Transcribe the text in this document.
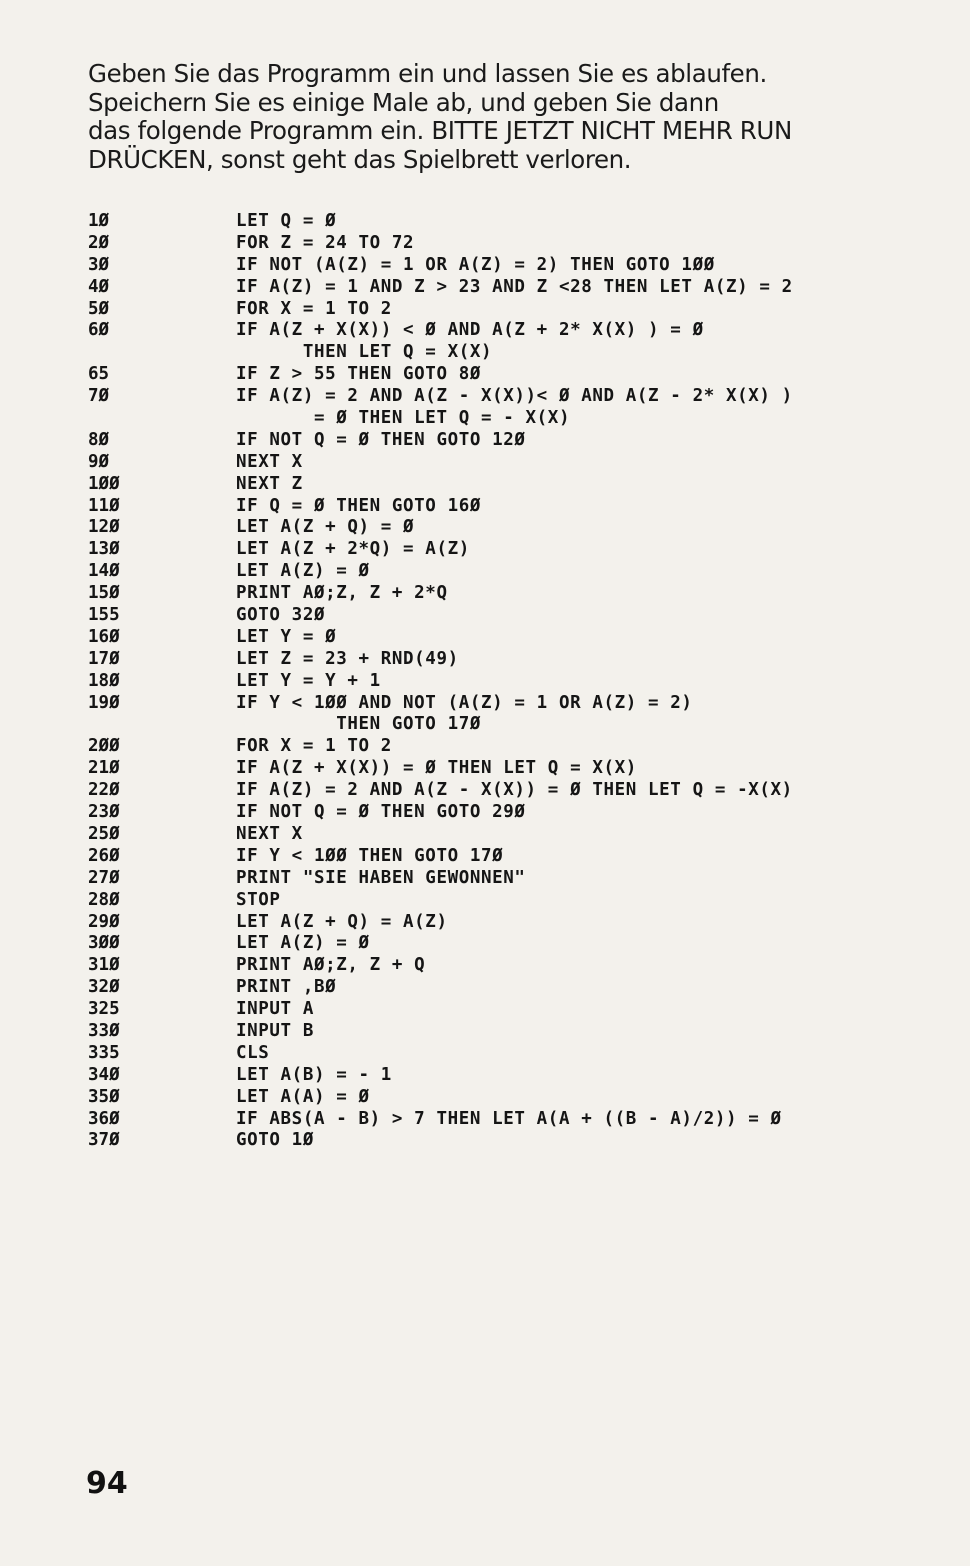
Geben Sie das Programm ein und lassen Sie es ablaufen.
Speichern Sie es einige Male ab, und geben Sie dann
das folgende Programm ein. BITTE JETZT NICHT MEHR RUN
DRÜCKEN, sonst geht das Spielbrett verloren.

1Ø	LET Q = Ø
2Ø	FOR Z = 24 TO 72
3Ø	IF NOT (A(Z) = 1 OR A(Z) = 2) THEN GOTO 1ØØ
4Ø	IF A(Z) = 1 AND Z > 23 AND Z <28 THEN LET A(Z) = 2
5Ø	FOR X = 1 TO 2
6Ø	IF A(Z + X(X)) < Ø AND A(Z + 2* X(X) ) = Ø
THEN LET Q = X(X)
65	IF Z > 55 THEN GOTO 8Ø
7Ø	IF A(Z) = 2 AND A(Z - X(X))< Ø AND A(Z - 2* X(X) )
= Ø THEN LET Q = - X(X)
8Ø	IF NOT Q = Ø THEN GOTO 12Ø
9Ø	NEXT X
1ØØ	NEXT Z
11Ø	IF Q = Ø THEN GOTO 16Ø
12Ø	LET A(Z + Q) = Ø
13Ø	LET A(Z + 2*Q) = A(Z)
14Ø	LET A(Z) = Ø
15Ø	PRINT AØ;Z, Z + 2*Q
155	GOTO 32Ø
16Ø	LET Y = Ø
17Ø	LET Z = 23 + RND(49)
18Ø	LET Y = Y + 1
19Ø	IF Y < 1ØØ AND NOT (A(Z) = 1 OR A(Z) = 2)
THEN GOTO 17Ø
2ØØ	FOR X = 1 TO 2
21Ø	IF A(Z + X(X)) = Ø THEN LET Q = X(X)
22Ø	IF A(Z) = 2 AND A(Z - X(X)) = Ø THEN LET Q = -X(X)
23Ø	IF NOT Q = Ø THEN GOTO 29Ø
25Ø	NEXT X
26Ø	IF Y < 1ØØ THEN GOTO 17Ø
27Ø	PRINT "SIE HABEN GEWONNEN"
28Ø	STOP
29Ø	LET A(Z + Q) = A(Z)
3ØØ	LET A(Z) = Ø
31Ø	PRINT AØ;Z, Z + Q
32Ø	PRINT ,BØ
325	INPUT A
33Ø	INPUT B
335	CLS
34Ø	LET A(B) = - 1
35Ø	LET A(A) = Ø
36Ø	IF ABS(A - B) > 7 THEN LET A(A + ((B - A)/2)) = Ø
37Ø	GOTO 1Ø
94
